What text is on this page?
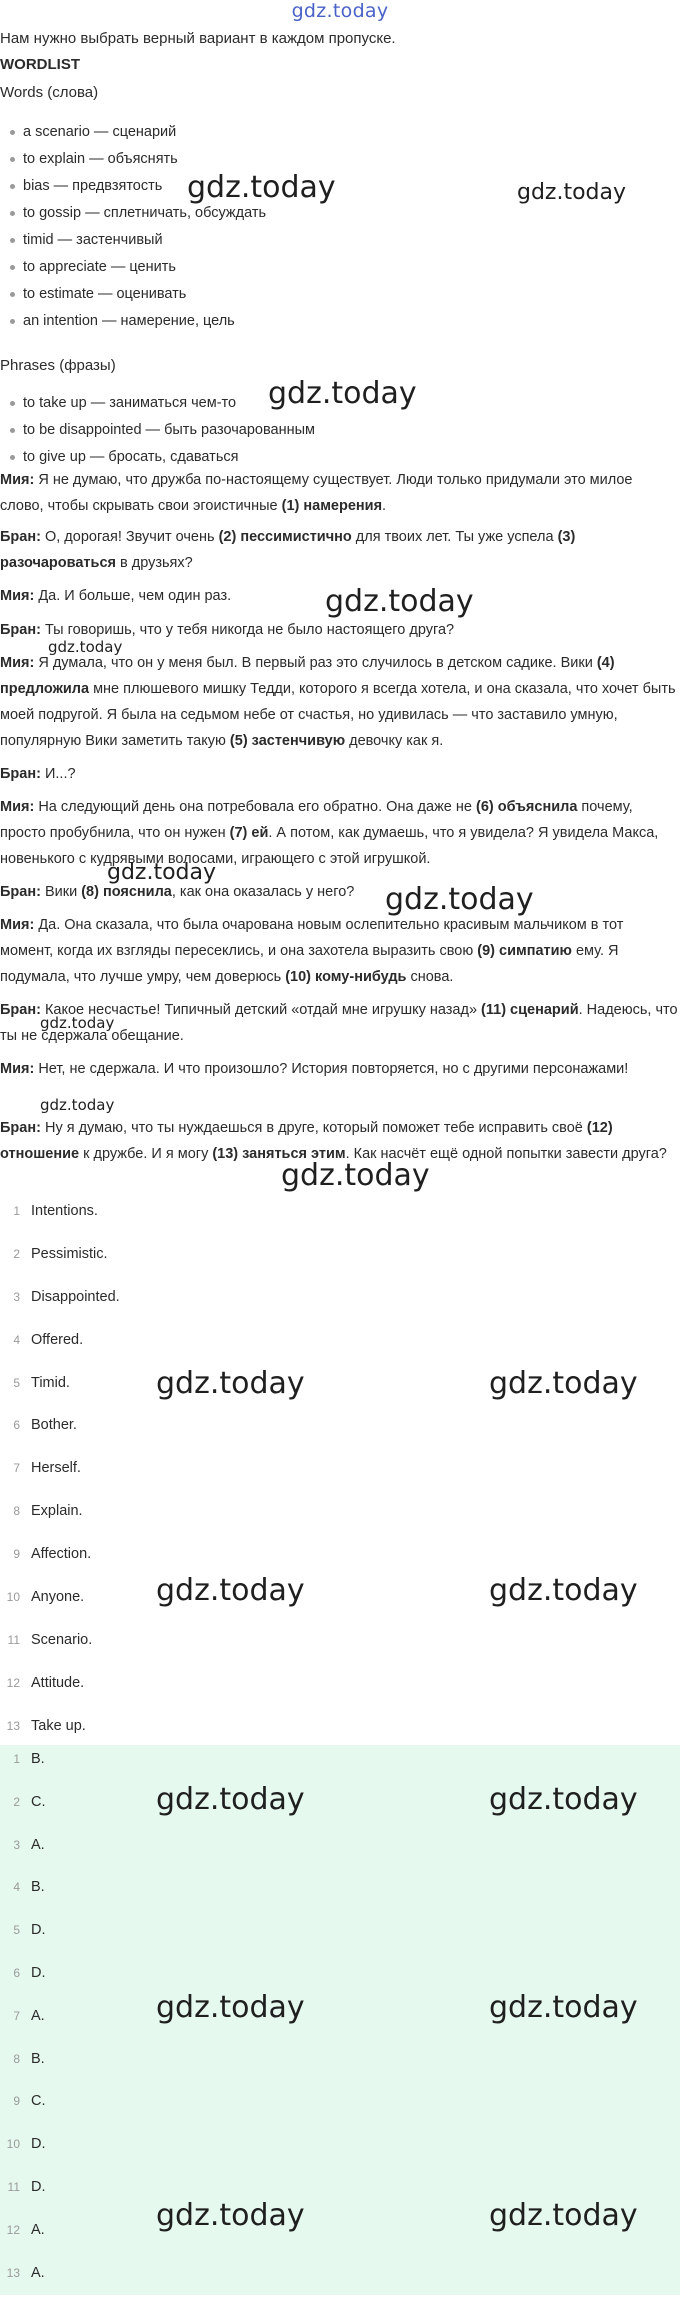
gdz.today
Нам нужно выбрать верный вариант в каждом пропуске.
WORDLIST
Words (слова)
a scenario — сценарий
to explain — объяснять
bias — предвзятость
to gossip — сплетничать, обсуждать
timid — застенчивый
to appreciate — ценить
to estimate — оценивать
an intention — намерение, цель
Phrases (фразы)
to take up — заниматься чем-то
to be disappointed — быть разочарованным
to give up — бросать, сдаваться
Мия: Я не думаю, что дружба по-настоящему существует. Люди только придумали это милое слово, чтобы скрывать свои эгоистичные (1) намерения.
Бран: О, дорогая! Звучит очень (2) пессимистично для твоих лет. Ты уже успела (3) разочароваться в друзьях?
Мия: Да. И больше, чем один раз.
Бран: Ты говоришь, что у тебя никогда не было настоящего друга?
Мия: Я думала, что он у меня был. В первый раз это случилось в детском садике. Вики (4) предложила мне плюшевого мишку Тедди, которого я всегда хотела, и она сказала, что хочет быть моей подругой. Я была на седьмом небе от счастья, но удивилась — что заставило умную, популярную Вики заметить такую (5) застенчивую девочку как я.
Бран: И...?
Мия: На следующий день она потребовала его обратно. Она даже не (6) объяснила почему, просто пробубнила, что он нужен (7) ей. А потом, как думаешь, что я увидела? Я увидела Макса, новенького с кудрявыми волосами, играющего с этой игрушкой.
Бран: Вики (8) пояснила, как она оказалась у него?
Мия: Да. Она сказала, что была очарована новым ослепительно красивым мальчиком в тот момент, когда их взгляды пересеклись, и она захотела выразить свою (9) симпатию ему. Я подумала, что лучше умру, чем доверюсь (10) кому-нибудь снова.
Бран: Какое несчастье! Типичный детский «отдай мне игрушку назад» (11) сценарий. Надеюсь, что ты не сдержала обещание.
Мия: Нет, не сдержала. И что произошло? История повторяется, но с другими персонажами!
Бран: Ну я думаю, что ты нуждаешься в друге, который поможет тебе исправить своё (12) отношение к дружбе. И я могу (13) заняться этим. Как насчёт ещё одной попытки завести друга?
1 Intentions.
2 Pessimistic.
3 Disappointed.
4 Offered.
5 Timid.
6 Bother.
7 Herself.
8 Explain.
9 Affection.
10 Anyone.
11 Scenario.
12 Attitude.
13 Take up.
1 B.
2 C.
3 A.
4 B.
5 D.
6 D.
7 A.
8 B.
9 C.
10 D.
11 D.
12 A.
13 A.
gdz.today	gdz.today
gdz.today
gdz.today
gdz.today
gdz.today
gdz.today
gdz.today
gdz.today
gdz.today
gdz.today	gdz.today
gdz.today	gdz.today
gdz.today	gdz.today
gdz.today	gdz.today
gdz.today	gdz.today
